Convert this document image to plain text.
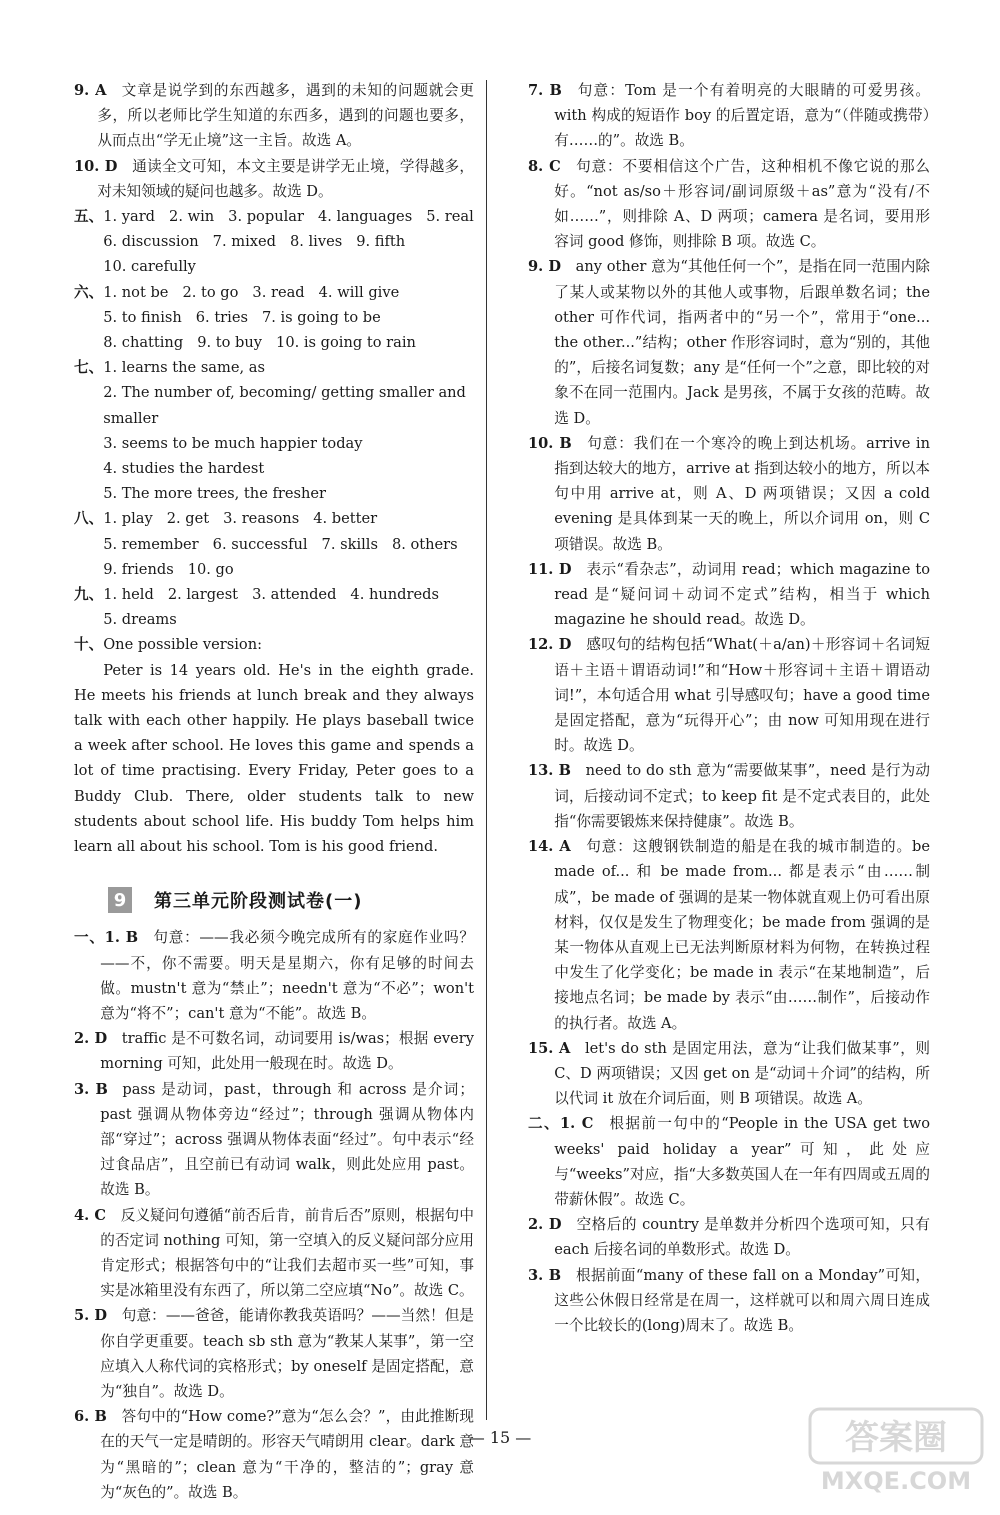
9. A  文章是说学到的东西越多，遇到的未知的问题就会更多，所以老师比学生知道的东西多，遇到的问题也要多，从而点出“学无止境”这一主旨。故选 A。

10. D  通读全文可知，本文主要是讲学无止境，学得越多，对未知领域的疑问也越多。故选 D。

五、 1. yard 2. win 3. popular 4. languages 5. real
6. discussion 7. mixed 8. lives 9. fifth
10. carefully
六、 1. not be 2. to go 3. read 4. will give
5. to finish 6. tries 7. is going to be
8. chatting 9. to buy 10. is going to rain
七、 1. learns the same, as
2. The number of, becoming/ getting smaller and smaller
3. seems to be much happier today
4. studies the hardest
5. The more trees, the fresher
八、 1. play 2. get 3. reasons 4. better
5. remember 6. successful 7. skills 8. others
9. friends 10. go
九、 1. held 2. largest 3. attended 4. hundreds
5. dreams

十、One possible version:

Peter is 14 years old. He's in the eighth grade. He meets his friends at lunch break and they always talk with each other happily. He plays baseball twice a week after school. He loves this game and spends a lot of time practising. Every Friday, Peter goes to a Buddy Club. There, older students talk to new students about school life. His buddy Tom helps him learn all about his school. Tom is his good friend.

9	第三单元阶段测试卷(一)

一、1. B  句意：——我必须今晚完成所有的家庭作业吗？——不，你不需要。明天是星期六，你有足够的时间去做。mustn't 意为“禁止”；needn't 意为“不必”；won't 意为“将不”；can't 意为“不能”。故选 B。

2. D  traffic 是不可数名词，动词要用 is/was；根据 every morning 可知，此处用一般现在时。故选 D。

3. B  pass 是动词，past，through 和 across 是介词；past 强调从物体旁边“经过”；through 强调从物体内部“穿过”；across 强调从物体表面“经过”。句中表示“经过食品店”，且空前已有动词 walk，则此处应用 past。故选 B。

4. C  反义疑问句遵循“前否后肯，前肯后否”原则，根据句中的否定词 nothing 可知，第一空填入的反义疑问部分应用肯定形式；根据答句中的“让我们去超市买一些”可知，事实是冰箱里没有东西了，所以第二空应填“No”。故选 C。

5. D  句意：——爸爸，能请你教我英语吗？——当然！但是你自学更重要。teach sb sth 意为“教某人某事”，第一空应填入人称代词的宾格形式；by oneself 是固定搭配，意为“独自”。故选 D。

6. B  答句中的“How come?”意为“怎么会？”，由此推断现在的天气一定是晴朗的。形容天气晴朗用 clear。dark 意为“黑暗的”；clean 意为“干净的，整洁的”；gray 意为“灰色的”。故选 B。

7. B  句意：Tom 是一个有着明亮的大眼睛的可爱男孩。with 构成的短语作 boy 的后置定语，意为“（伴随或携带）有……的”。故选 B。

8. C  句意：不要相信这个广告，这种相机不像它说的那么好。“not as/so＋形容词/副词原级＋as”意为“没有/不如……”，则排除 A、D 两项；camera 是名词，要用形容词 good 修饰，则排除 B 项。故选 C。

9. D  any other 意为“其他任何一个”，是指在同一范围内除了某人或某物以外的其他人或事物，后跟单数名词；the other 可作代词，指两者中的“另一个”，常用于“one... the other...”结构；other 作形容词时，意为“别的，其他的”，后接名词复数；any 是“任何一个”之意，即比较的对象不在同一范围内。Jack 是男孩，不属于女孩的范畴。故选 D。

10. B  句意：我们在一个寒冷的晚上到达机场。arrive in 指到达较大的地方，arrive at 指到达较小的地方，所以本句中用 arrive at，则 A、D 两项错误；又因 a cold evening 是具体到某一天的晚上，所以介词用 on，则 C 项错误。故选 B。

11. D  表示“看杂志”，动词用 read；which magazine to read 是“疑问词＋动词不定式”结构，相当于 which magazine he should read。故选 D。

12. D  感叹句的结构包括“What(＋a/an)＋形容词＋名词短语＋主语＋谓语动词!”和“How＋形容词＋主语＋谓语动词!”，本句适合用 what 引导感叹句；have a good time 是固定搭配，意为“玩得开心”；由 now 可知用现在进行时。故选 D。

13. B  need to do sth 意为“需要做某事”，need 是行为动词，后接动词不定式；to keep fit 是不定式表目的，此处指“你需要锻炼来保持健康”。故选 B。

14. A  句意：这艘钢铁制造的船是在我的城市制造的。be made of... 和 be made from... 都是表示“由……制成”，be made of 强调的是某一物体就直观上仍可看出原材料，仅仅是发生了物理变化；be made from 强调的是某一物体从直观上已无法判断原材料为何物，在转换过程中发生了化学变化；be made in 表示“在某地制造”，后接地点名词；be made by 表示“由……制作”，后接动作的执行者。故选 A。

15. A  let's do sth 是固定用法，意为“让我们做某事”，则 C、D 两项错误；又因 get on 是“动词＋介词”的结构，所以代词 it 放在介词后面，则 B 项错误。故选 A。

二、1. C  根据前一句中的“People in the USA get two weeks' paid holiday a year”可知，此处应与“weeks”对应，指“大多数英国人在一年有四周或五周的带薪休假”。故选 C。

2. D  空格后的 country 是单数并分析四个选项可知，只有 each 后接名词的单数形式。故选 D。

3. B  根据前面“many of these fall on a Monday”可知，这些公休假日经常是在周一，这样就可以和周六周日连成一个比较长的(long)周末了。故选 B。

— 15 —	答案圈
MXQE.COM
